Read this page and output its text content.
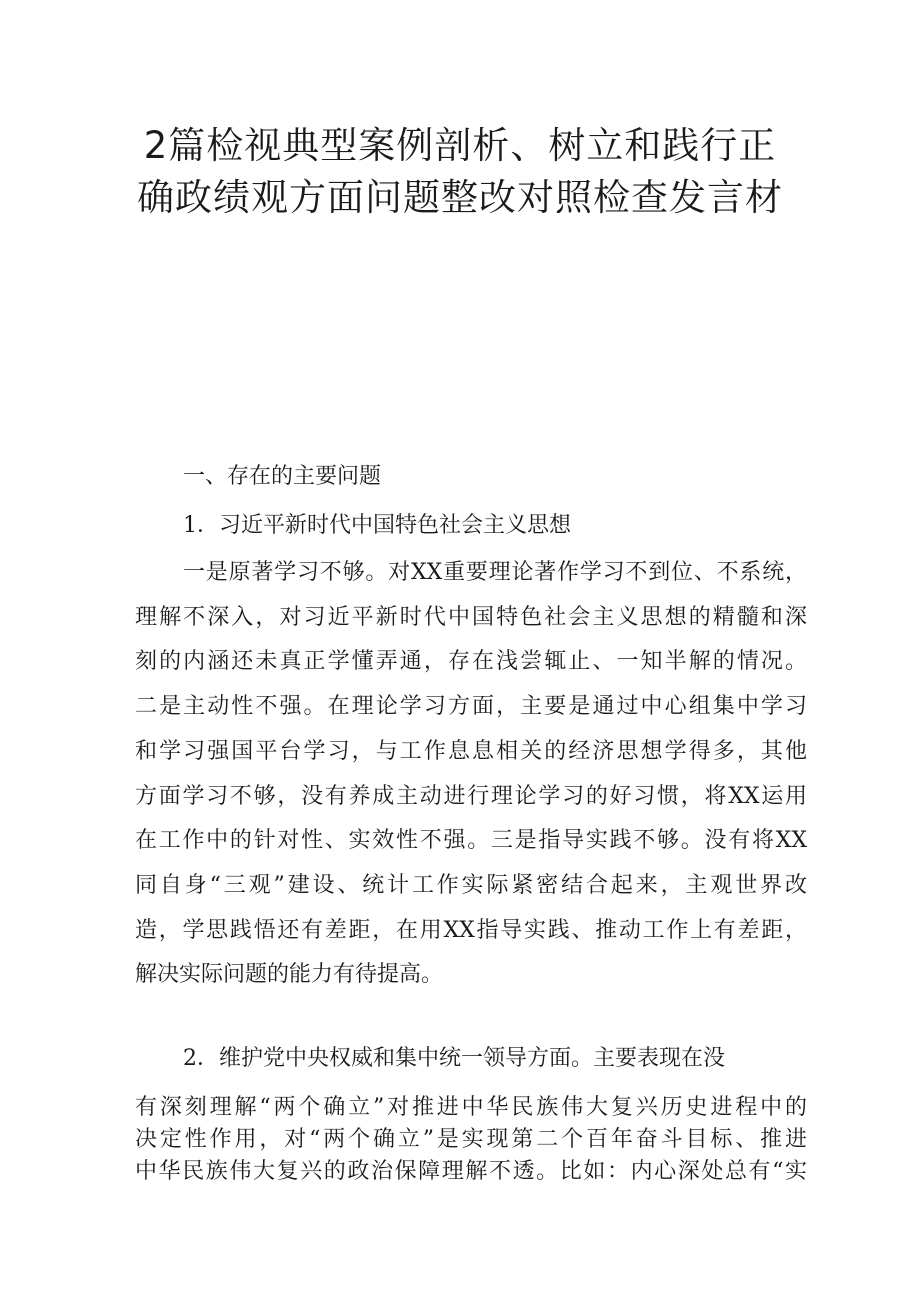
2篇检视典型案例剖析、树立和践行正
确政绩观方面问题整改对照检查发言材

一、存在的主要问题

1．习近平新时代中国特色社会主义思想

一是原著学习不够。对XX重要理论著作学习不到位、不系统，
理解不深入，对习近平新时代中国特色社会主义思想的精髓和深
刻的内涵还未真正学懂弄通，存在浅尝辄止、一知半解的情况。
二是主动性不强。在理论学习方面，主要是通过中心组集中学习
和学习强国平台学习，与工作息息相关的经济思想学得多，其他
方面学习不够，没有养成主动进行理论学习的好习惯，将XX运用
在工作中的针对性、实效性不强。三是指导实践不够。没有将XX
同自身“三观”建设、统计工作实际紧密结合起来，主观世界改
造，学思践悟还有差距，在用XX指导实践、推动工作上有差距，
解决实际问题的能力有待提高。

2．维护党中央权威和集中统一领导方面。主要表现在没

有深刻理解“两个确立”对推进中华民族伟大复兴历史进程中的
决定性作用，对“两个确立”是实现第二个百年奋斗目标、推进
中华民族伟大复兴的政治保障理解不透。比如：内心深处总有“实
